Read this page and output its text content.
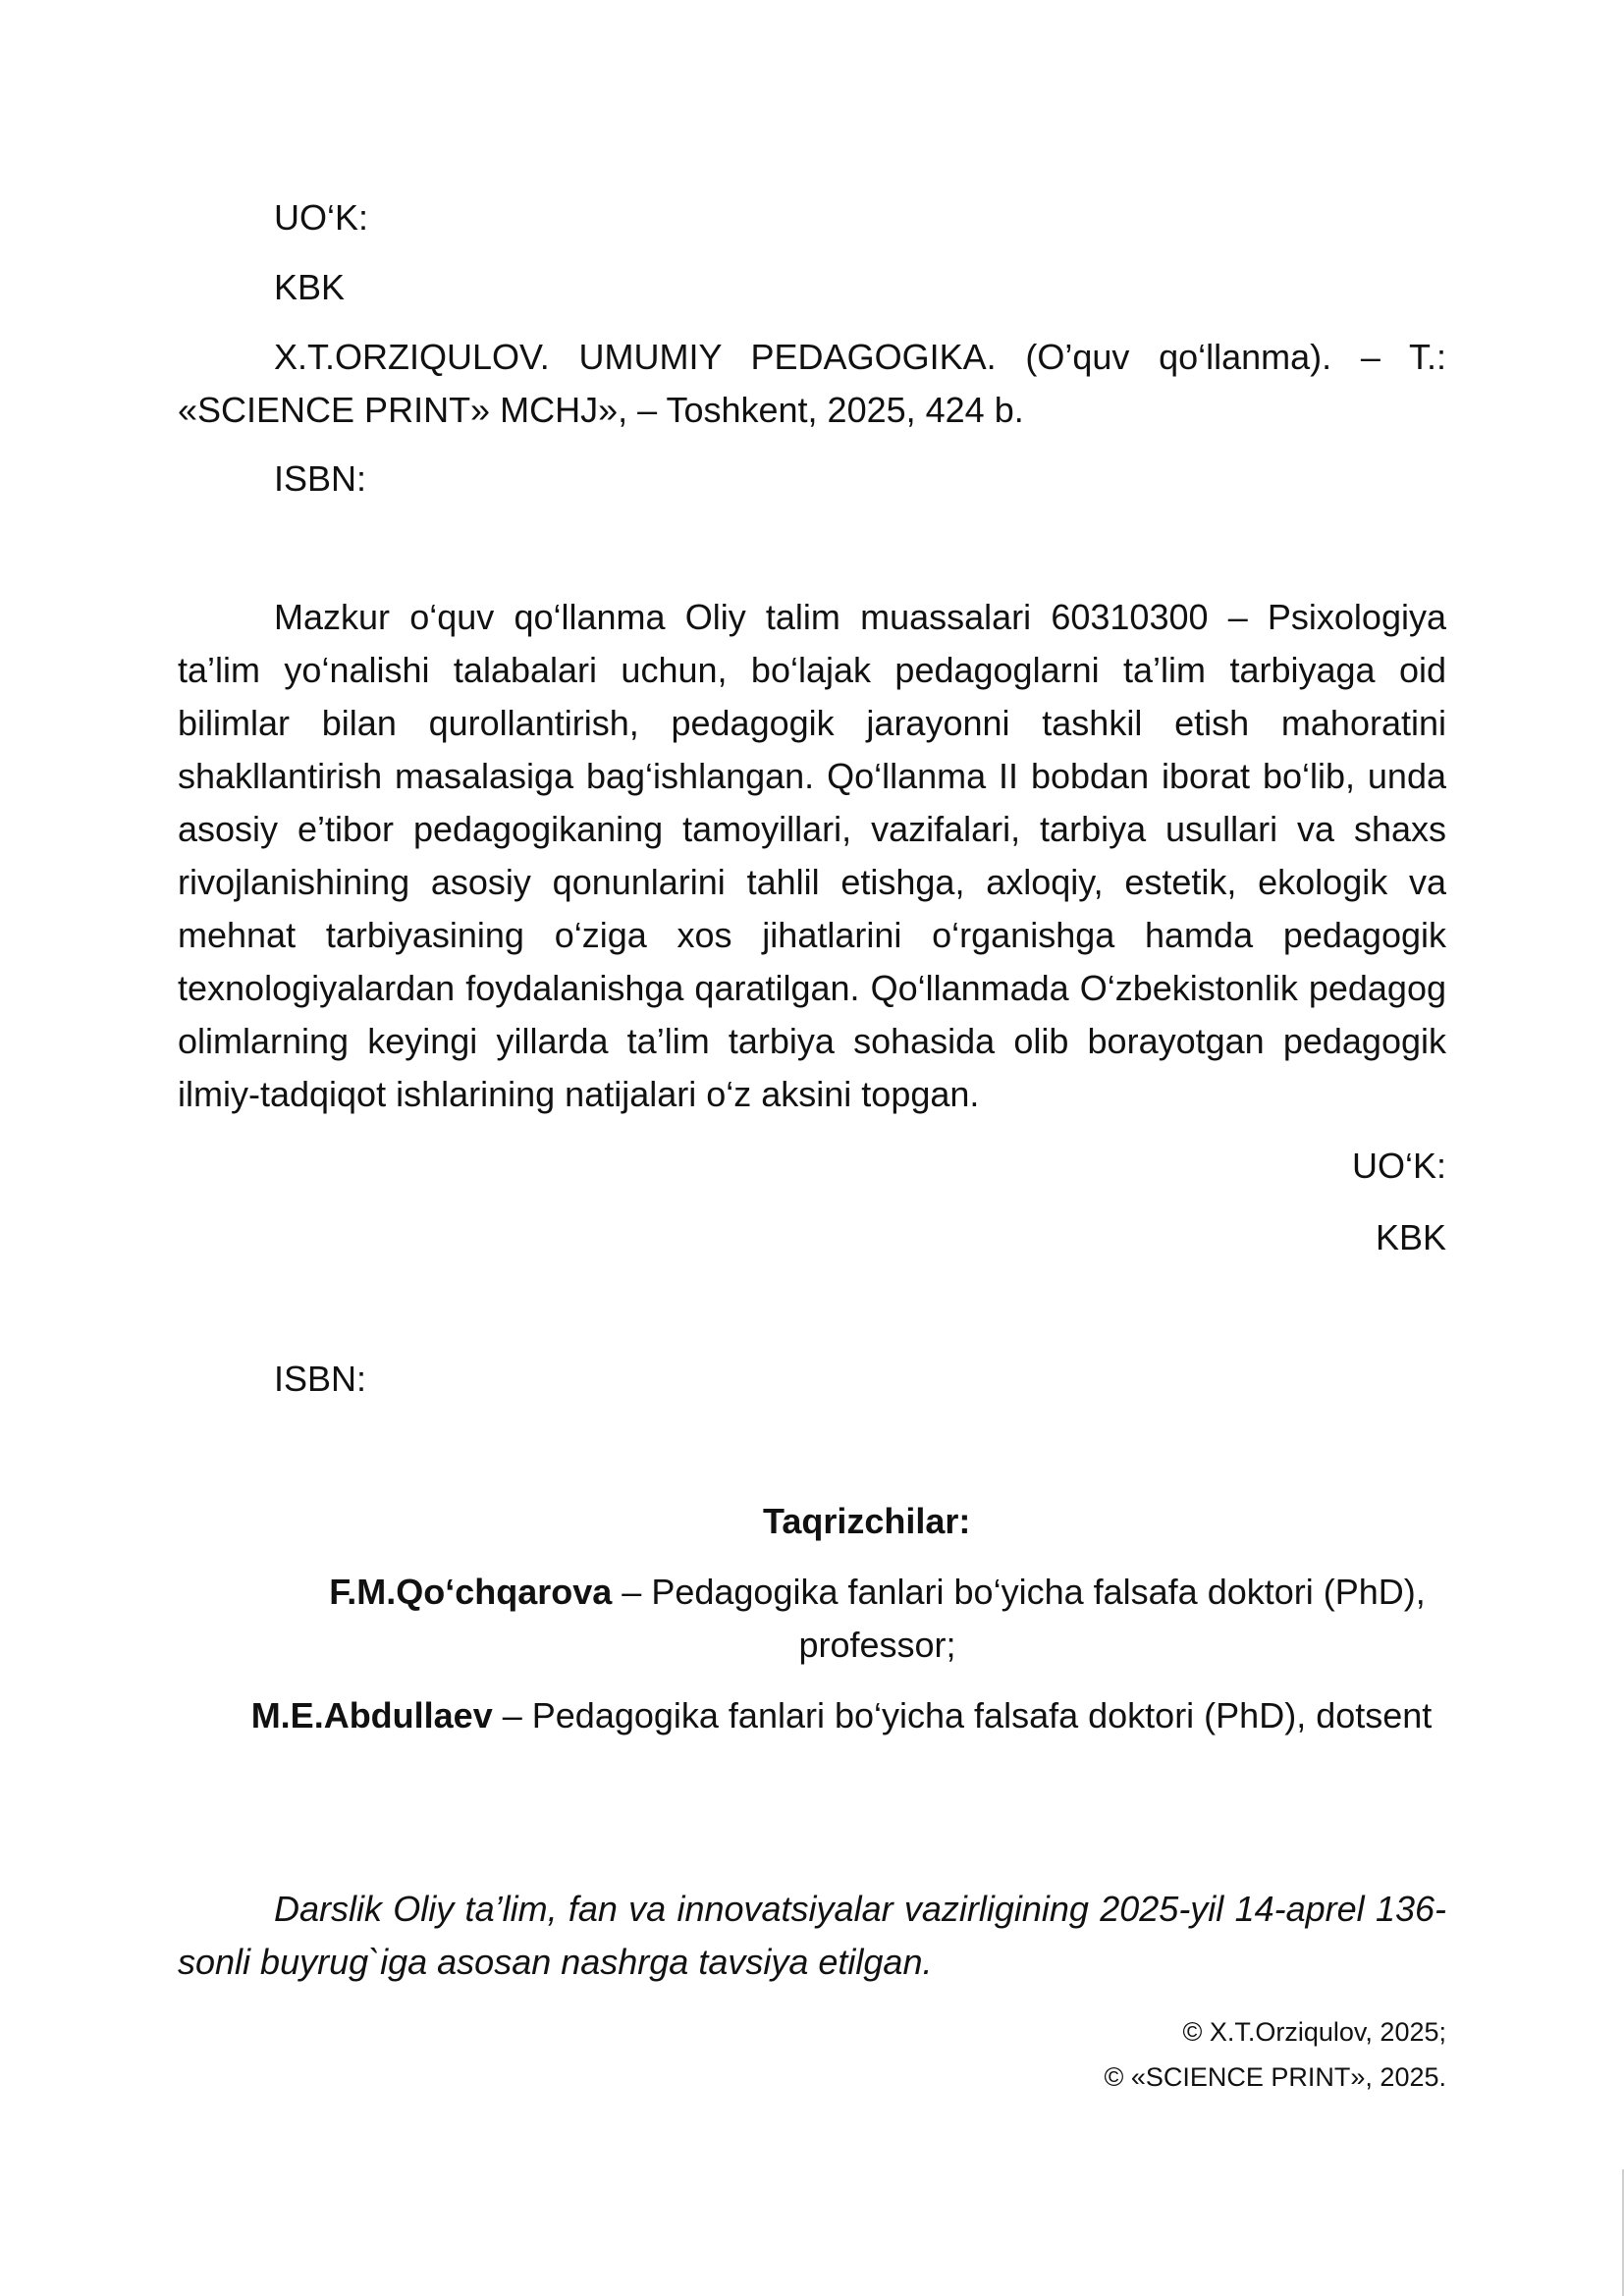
UO‘K:

KBK

X.T.ORZIQULOV. UMUMIY PEDAGOGIKA. (O’quv qo‘llanma). – T.: «SCIENCE PRINT» MCHJ», – Toshkent, 2025, 424 b.

ISBN:

Mazkur o‘quv qo‘llanma Oliy talim muassalari 60310300 – Psixologiya ta’lim yo‘nalishi talabalari uchun, bo‘lajak pedagoglarni ta’lim tarbiyaga oid bilimlar bilan qurollantirish, pedagogik jarayonni tashkil etish mahoratini shakllantirish masalasiga bag‘ishlangan. Qo‘llanma II bobdan iborat bo‘lib, unda asosiy e’tibor pedagogikaning tamoyillari, vazifalari, tarbiya usullari va shaxs rivojlanishining asosiy qonunlarini tahlil etishga, axloqiy, estetik, ekologik va mehnat tarbiyasining o‘ziga xos jihatlarini o‘rganishga hamda pedagogik texnologiyalardan foydalanishga qaratilgan. Qo‘llanmada O‘zbekistonlik pedagog olimlarning keyingi yillarda ta’lim tarbiya sohasida olib borayotgan pedagogik ilmiy-tadqiqot ishlarining natijalari o‘z aksini topgan.

UO‘K:

KBK

ISBN:

Taqrizchilar:

F.M.Qo‘chqarova – Pedagogika fanlari bo‘yicha falsafa doktori (PhD), professor;
M.E.Abdullaev – Pedagogika fanlari bo‘yicha falsafa doktori (PhD), dotsent

Darslik Oliy ta’lim, fan va innovatsiyalar vazirligining 2025-yil 14-aprel 136-sonli buyrug`iga asosan nashrga tavsiya etilgan.

© X.T.Orziqulov, 2025;

© «SCIENCE PRINT», 2025.
